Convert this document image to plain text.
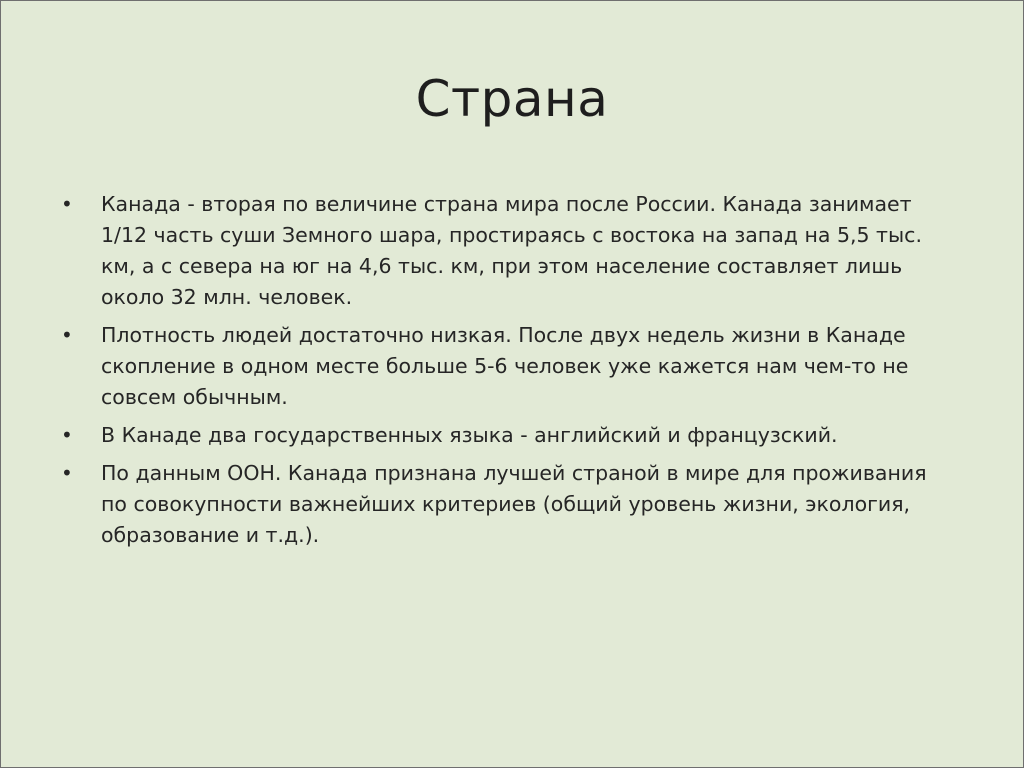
Страна
•	Канада - вторая по величине страна мира после России. Канада занимает 1/12 часть суши Земного шара, простираясь с востока на запад на 5,5 тыс. км, а с севера на юг на 4,6 тыс. км, при этом население составляет лишь около 32 млн. человек.
•	Плотность людей достаточно низкая. После двух недель жизни в Канаде скопление в одном месте больше 5-6 человек уже кажется нам чем-то не совсем обычным.
•	В Канаде два государственных языка - английский и французский.
•	По данным ООН. Канада признана лучшей страной в мире для проживания по совокупности важнейших критериев (общий уровень жизни, экология, образование и т.д.).
